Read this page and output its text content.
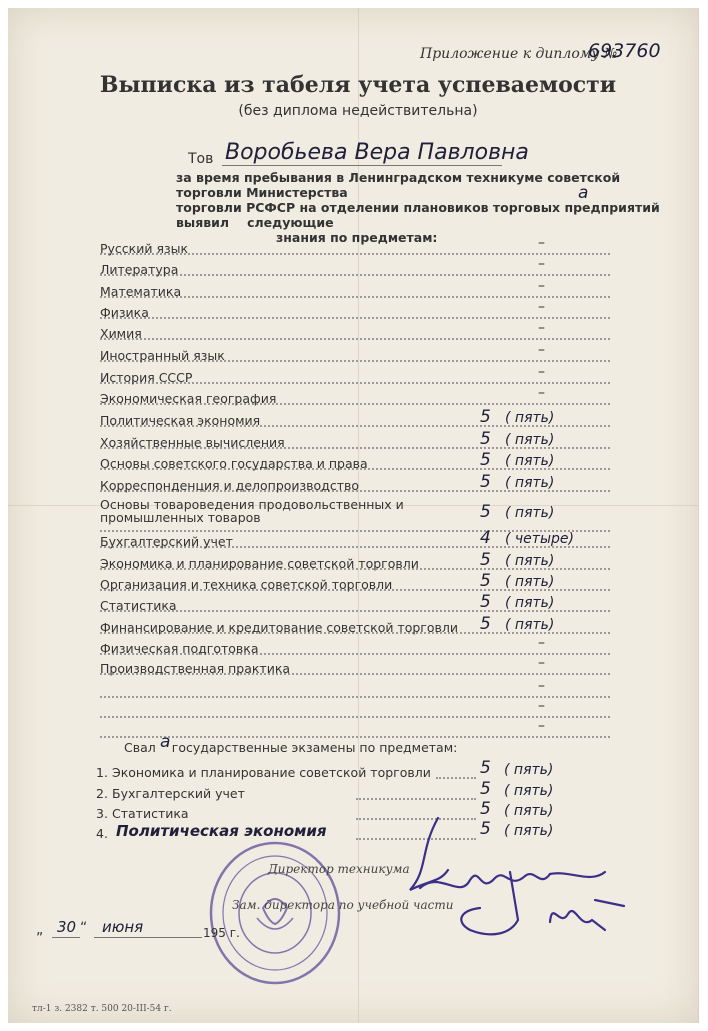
Приложение к диплому №
693760
Выписка из табеля учета успеваемости
(без диплома недействительна)
Тов Воробьева Вера Павловна
за время пребывания в Ленинградском техникуме советской торговли Министерства
торговли РСФСР на отделении плановиков торговых предприятий выявил следующие
знания по предметам:
а
Русский язык	–
Литература	–
Математика	–
Физика	–
Химия	–
Иностранный язык	–
История СССР	–
Экономическая география	–
Политическая экономия	5 ( пять)
Хозяйственные вычисления	5 ( пять)
Основы советского государства и права	5 ( пять)
Корреспонденция и делопроизводство	5 ( пять)
Основы товароведения продовольственных и промышленных товаров	5 ( пять)
Бухгалтерский учет	4 ( четыре)
Экономика и планирование советской торговли	5 ( пять)
Организация и техника советской торговли	5 ( пять)
Статистика	5 ( пять)
Финансирование и кредитование советской торговли 5 ( пять)
Физическая подготовка	–
Производственная практика	–
–
–
–
Свал государственные экзамены по предметам:
а
1. Экономика и планирование советской торговли	5 ( пять)
2. Бухгалтерский учет	5 ( пять)
3. Статистика	5 ( пять)
4. Политическая экономия	5 ( пять)
Директор техникума
Зам. директора по учебной части
„ 30 “ июня	195 г.
тл-1 з. 2382 т. 500 20-III-54 г.
